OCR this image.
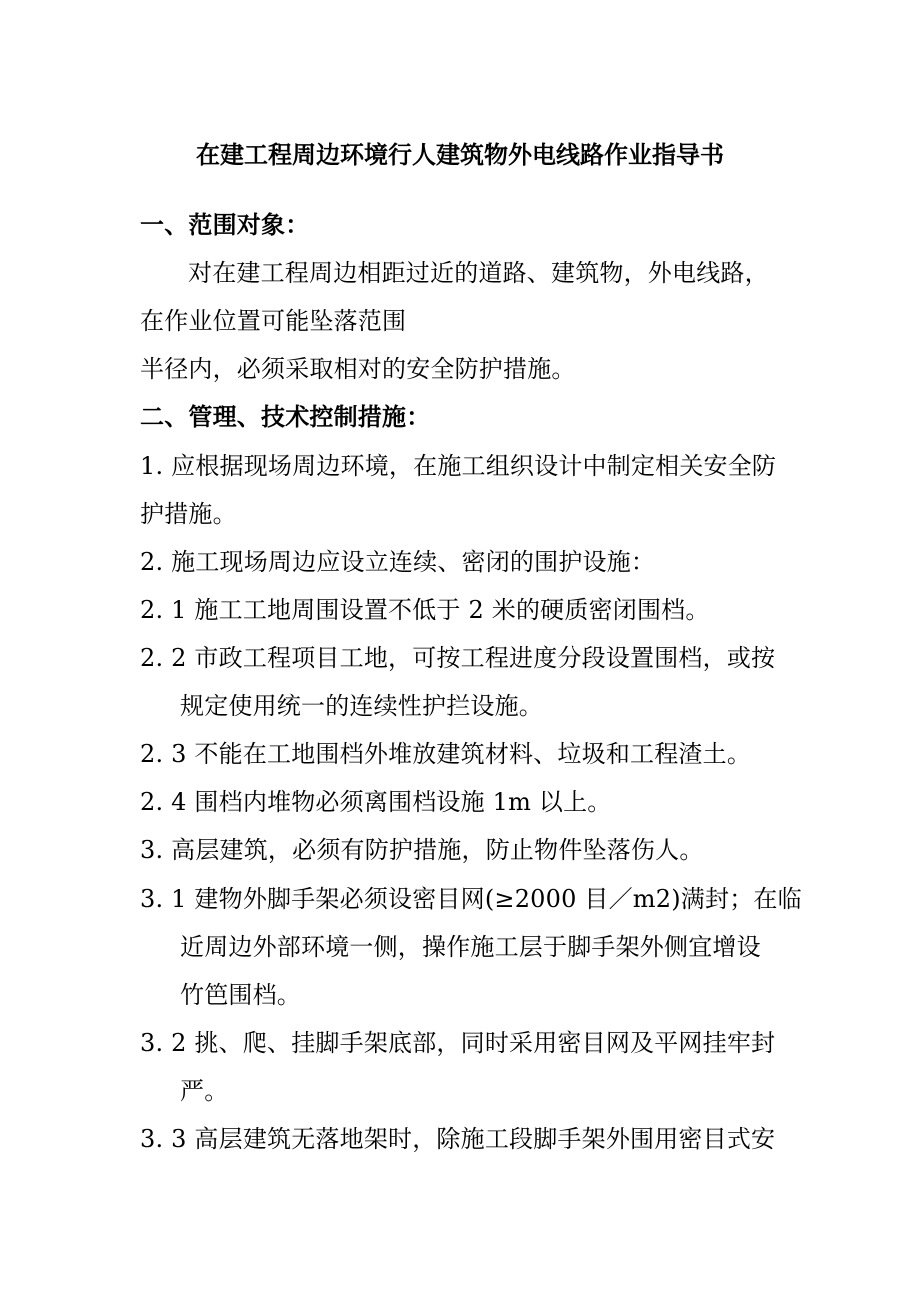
在建工程周边环境行人建筑物外电线路作业指导书
一、范围对象：
对在建工程周边相距过近的道路、建筑物，外电线路，
在作业位置可能坠落范围
半径内，必须采取相对的安全防护措施。
二、管理、技术控制措施：
1. 应根据现场周边环境，在施工组织设计中制定相关安全防
护措施。
2. 施工现场周边应设立连续、密闭的围护设施：
2. 1 施工工地周围设置不低于 2 米的硬质密闭围档。
2. 2 市政工程项目工地，可按工程进度分段设置围档，或按
规定使用统一的连续性护拦设施。
2. 3 不能在工地围档外堆放建筑材料、垃圾和工程渣土。
2. 4 围档内堆物必须离围档设施 1m 以上。
3. 高层建筑，必须有防护措施，防止物件坠落伤人。
3. 1 建物外脚手架必须设密目网(≥2000 目／m2)满封；在临
近周边外部环境一侧，操作施工层于脚手架外侧宜增设
竹笆围档。
3. 2 挑、爬、挂脚手架底部，同时采用密目网及平网挂牢封
严。
3. 3 高层建筑无落地架时，除施工段脚手架外围用密目式安
